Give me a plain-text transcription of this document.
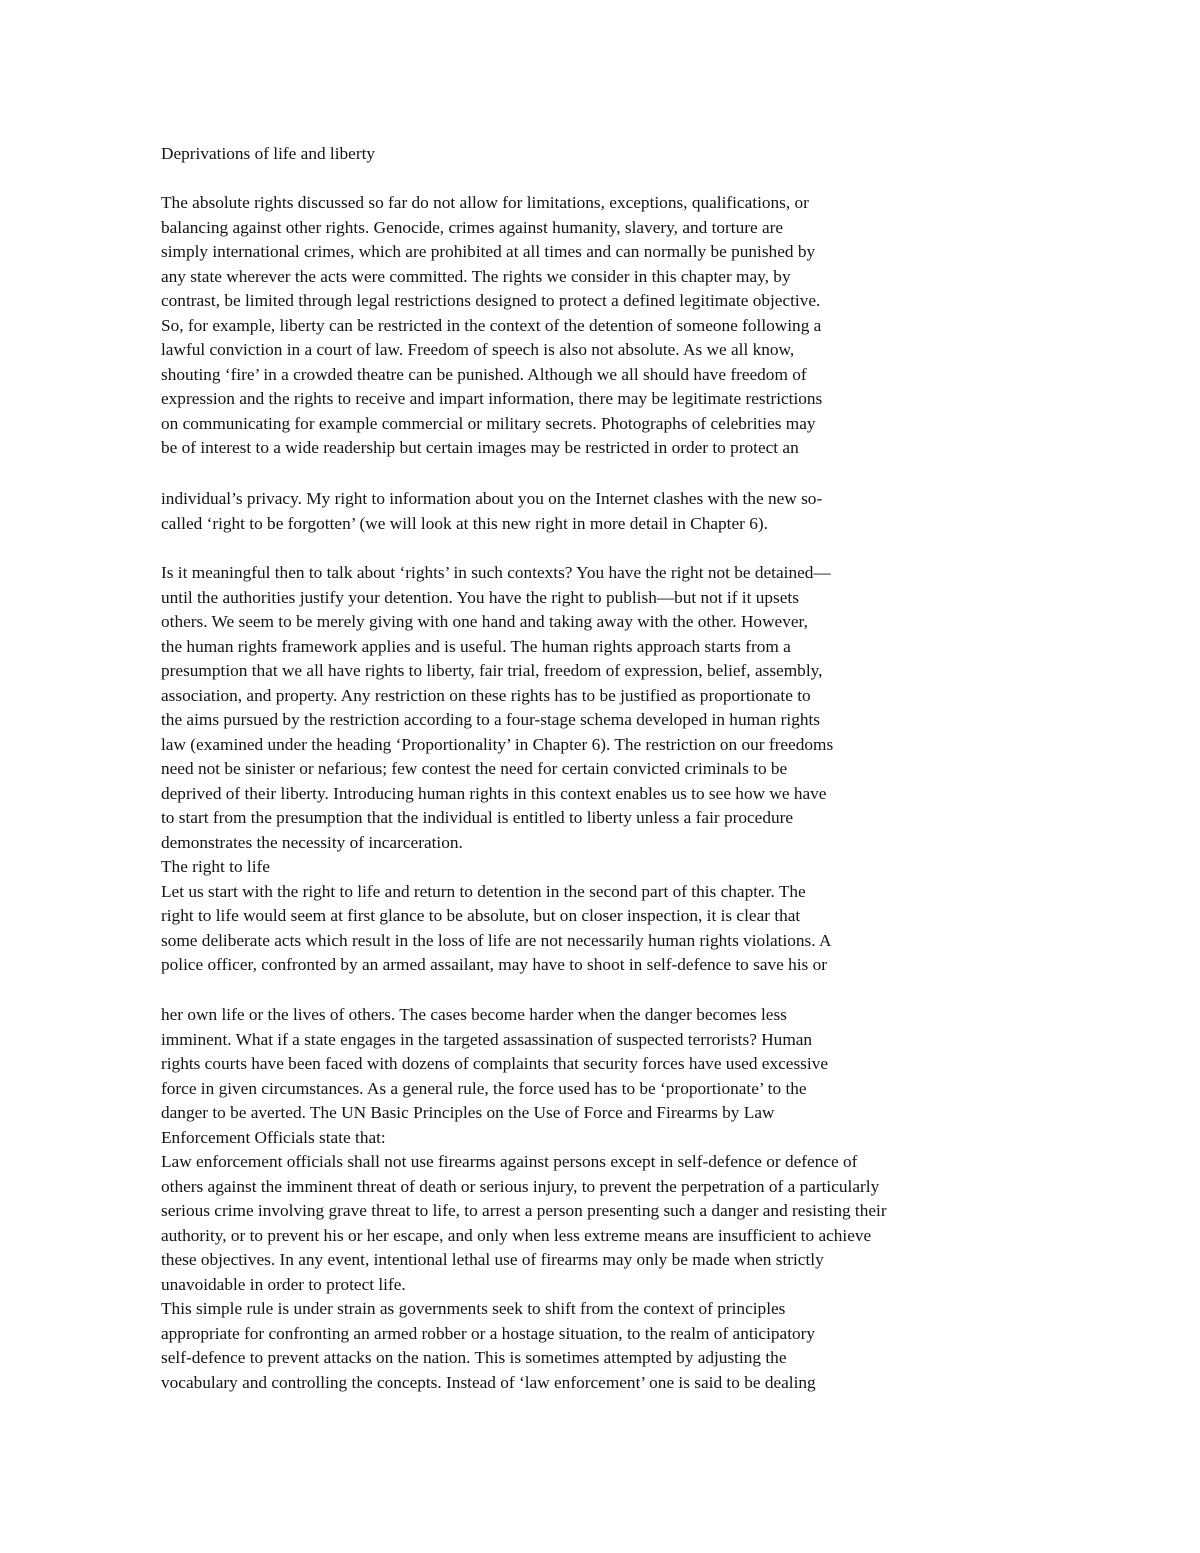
Deprivations of life and liberty

The absolute rights discussed so far do not allow for limitations, exceptions, qualifications, or

balancing against other rights. Genocide, crimes against humanity, slavery, and torture are

simply international crimes, which are prohibited at all times and can normally be punished by

any state wherever the acts were committed. The rights we consider in this chapter may, by

contrast, be limited through legal restrictions designed to protect a defined legitimate objective.

So, for example, liberty can be restricted in the context of the detention of someone following a

lawful conviction in a court of law. Freedom of speech is also not absolute. As we all know,

shouting ‘fire’ in a crowded theatre can be punished. Although we all should have freedom of

expression and the rights to receive and impart information, there may be legitimate restrictions

on communicating for example commercial or military secrets. Photographs of celebrities may

be of interest to a wide readership but certain images may be restricted in order to protect an

individual’s privacy. My right to information about you on the Internet clashes with the new so-

called ‘right to be forgotten’ (we will look at this new right in more detail in Chapter 6).

Is it meaningful then to talk about ‘rights’ in such contexts? You have the right not be detained—

until the authorities justify your detention. You have the right to publish—but not if it upsets

others. We seem to be merely giving with one hand and taking away with the other. However,

the human rights framework applies and is useful. The human rights approach starts from a

presumption that we all have rights to liberty, fair trial, freedom of expression, belief, assembly,

association, and property. Any restriction on these rights has to be justified as proportionate to

the aims pursued by the restriction according to a four-stage schema developed in human rights

law (examined under the heading ‘Proportionality’ in Chapter 6). The restriction on our freedoms

need not be sinister or nefarious; few contest the need for certain convicted criminals to be

deprived of their liberty. Introducing human rights in this context enables us to see how we have

to start from the presumption that the individual is entitled to liberty unless a fair procedure

demonstrates the necessity of incarceration.

The right to life

Let us start with the right to life and return to detention in the second part of this chapter. The

right to life would seem at first glance to be absolute, but on closer inspection, it is clear that

some deliberate acts which result in the loss of life are not necessarily human rights violations. A

police officer, confronted by an armed assailant, may have to shoot in self-defence to save his or

her own life or the lives of others. The cases become harder when the danger becomes less

imminent. What if a state engages in the targeted assassination of suspected terrorists? Human

rights courts have been faced with dozens of complaints that security forces have used excessive

force in given circumstances. As a general rule, the force used has to be ‘proportionate’ to the

danger to be averted. The UN Basic Principles on the Use of Force and Firearms by Law

Enforcement Officials state that:

Law enforcement officials shall not use firearms against persons except in self-defence or defence of

others against the imminent threat of death or serious injury, to prevent the perpetration of a particularly

serious crime involving grave threat to life, to arrest a person presenting such a danger and resisting their

authority, or to prevent his or her escape, and only when less extreme means are insufficient to achieve

these objectives. In any event, intentional lethal use of firearms may only be made when strictly

unavoidable in order to protect life.

This simple rule is under strain as governments seek to shift from the context of principles

appropriate for confronting an armed robber or a hostage situation, to the realm of anticipatory

self-defence to prevent attacks on the nation. This is sometimes attempted by adjusting the

vocabulary and controlling the concepts. Instead of ‘law enforcement’ one is said to be dealing
